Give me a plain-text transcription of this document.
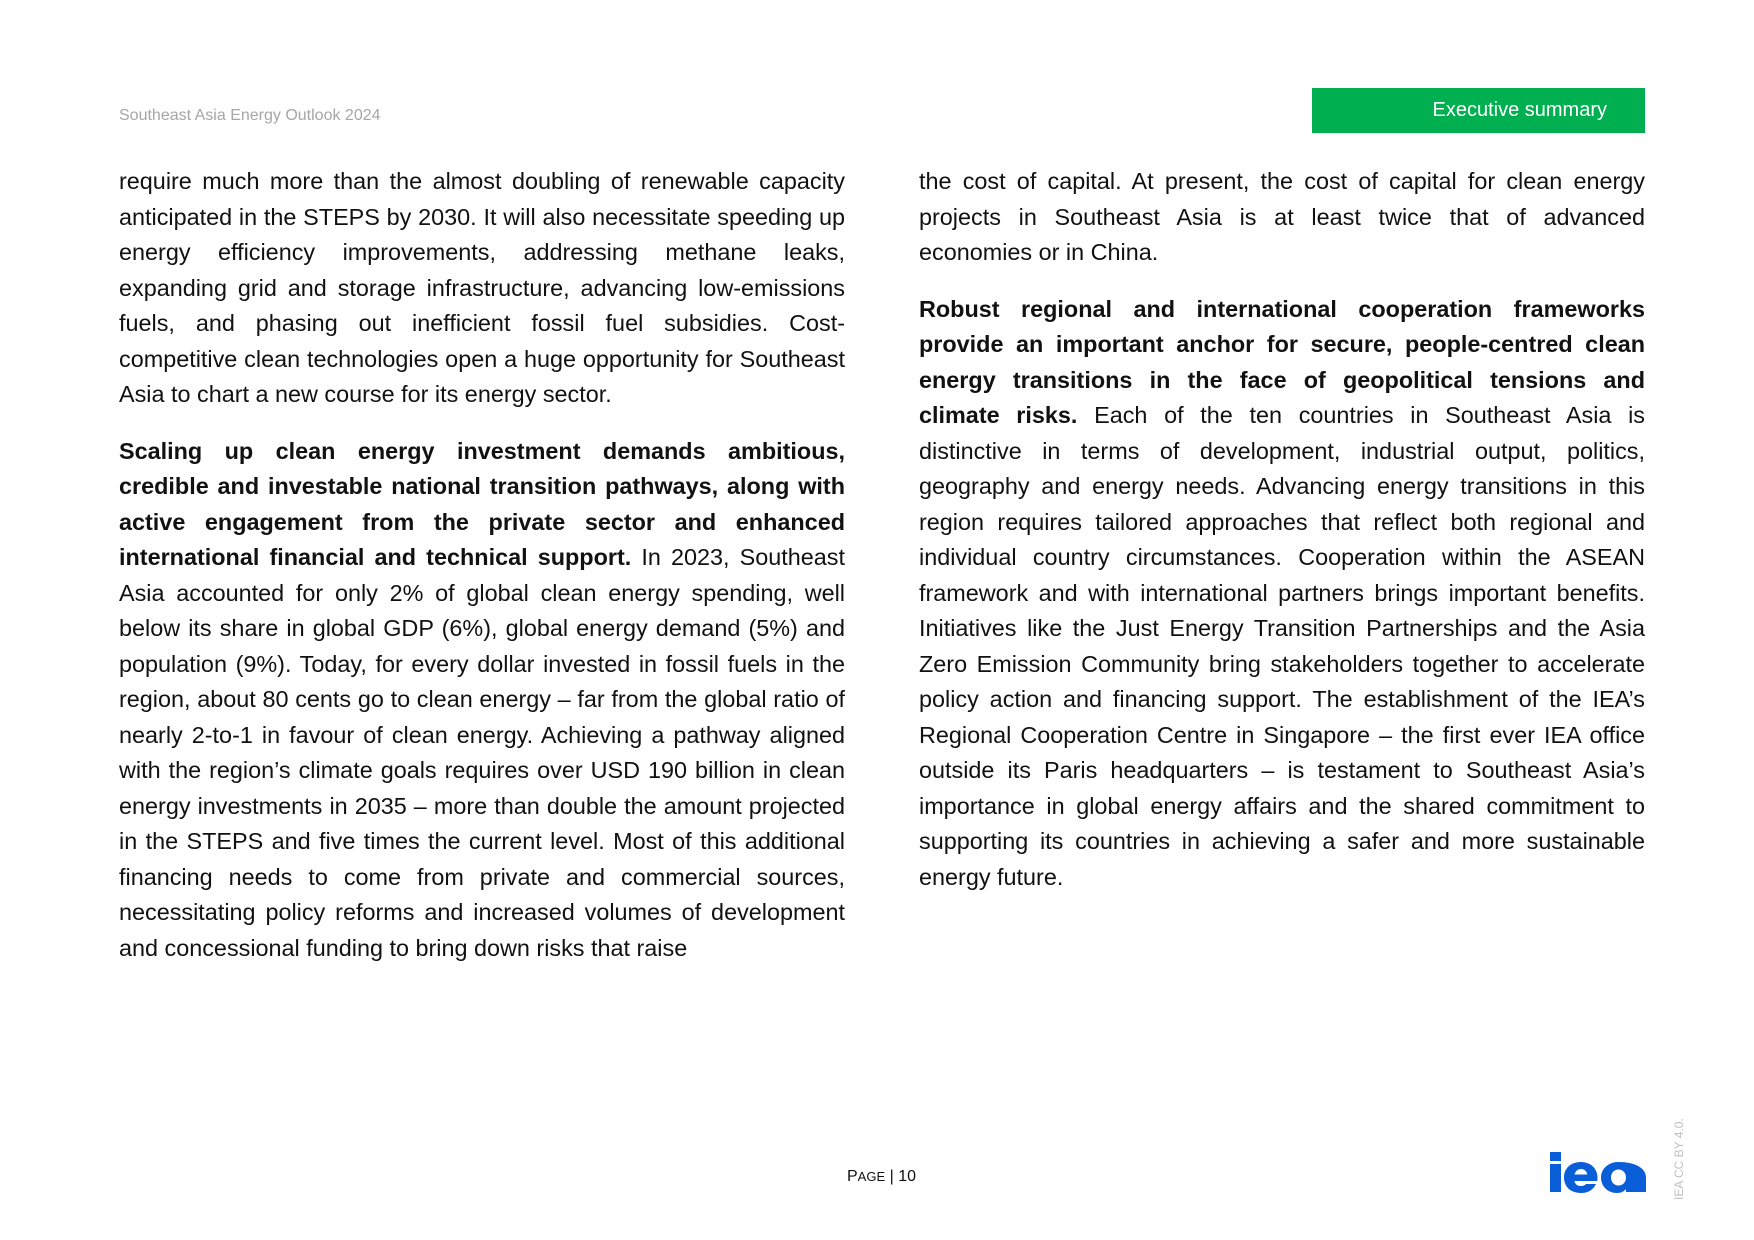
Southeast Asia Energy Outlook 2024	Executive summary

require much more than the almost doubling of renewable capacity anticipated in the STEPS by 2030. It will also necessitate speeding up energy efficiency improvements, addressing methane leaks, expanding grid and storage infrastructure, advancing low-emissions fuels, and phasing out inefficient fossil fuel subsidies. Cost-competitive clean technologies open a huge opportunity for Southeast Asia to chart a new course for its energy sector.

Scaling up clean energy investment demands ambitious, credible and investable national transition pathways, along with active engagement from the private sector and enhanced international financial and technical support. In 2023, Southeast Asia accounted for only 2% of global clean energy spending, well below its share in global GDP (6%), global energy demand (5%) and population (9%). Today, for every dollar invested in fossil fuels in the region, about 80 cents go to clean energy – far from the global ratio of nearly 2-to-1 in favour of clean energy. Achieving a pathway aligned with the region’s climate goals requires over USD 190 billion in clean energy investments in 2035 – more than double the amount projected in the STEPS and five times the current level. Most of this additional financing needs to come from private and commercial sources, necessitating policy reforms and increased volumes of development and concessional funding to bring down risks that raise

the cost of capital. At present, the cost of capital for clean energy projects in Southeast Asia is at least twice that of advanced economies or in China.

Robust regional and international cooperation frameworks provide an important anchor for secure, people-centred clean energy transitions in the face of geopolitical tensions and climate risks. Each of the ten countries in Southeast Asia is distinctive in terms of development, industrial output, politics, geography and energy needs. Advancing energy transitions in this region requires tailored approaches that reflect both regional and individual country circumstances. Cooperation within the ASEAN framework and with international partners brings important benefits. Initiatives like the Just Energy Transition Partnerships and the Asia Zero Emission Community bring stakeholders together to accelerate policy action and financing support. The establishment of the IEA’s Regional Cooperation Centre in Singapore – the first ever IEA office outside its Paris headquarters – is testament to Southeast Asia’s importance in global energy affairs and the shared commitment to supporting its countries in achieving a safer and more sustainable energy future.

PAGE | 10	IEA CC BY 4.0.
